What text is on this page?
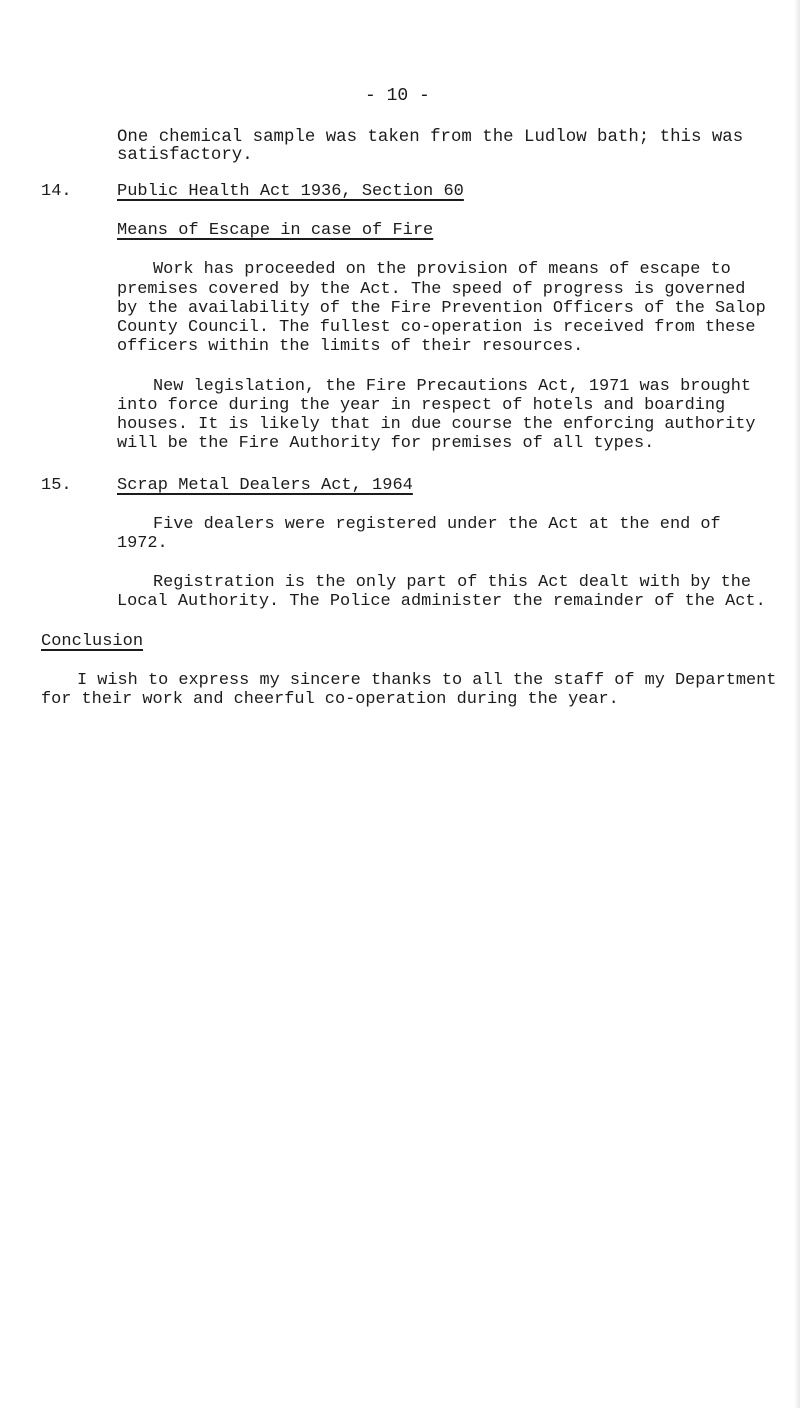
- 10 -
One chemical sample was taken from the Ludlow bath; this was
satisfactory.
14.	Public Health Act 1936, Section 60
Means of Escape in case of Fire
Work has proceeded on the provision of means of escape to
premises covered by the Act. The speed of progress is governed
by the availability of the Fire Prevention Officers of the Salop
County Council. The fullest co-operation is received from these
officers within the limits of their resources.
New legislation, the Fire Precautions Act, 1971 was brought
into force during the year in respect of hotels and boarding
houses. It is likely that in due course the enforcing authority
will be the Fire Authority for premises of all types.
15.	Scrap Metal Dealers Act, 1964
Five dealers were registered under the Act at the end of
1972.
Registration is the only part of this Act dealt with by the
Local Authority. The Police administer the remainder of the Act.
Conclusion
I wish to express my sincere thanks to all the staff of my Department
for their work and cheerful co-operation during the year.
